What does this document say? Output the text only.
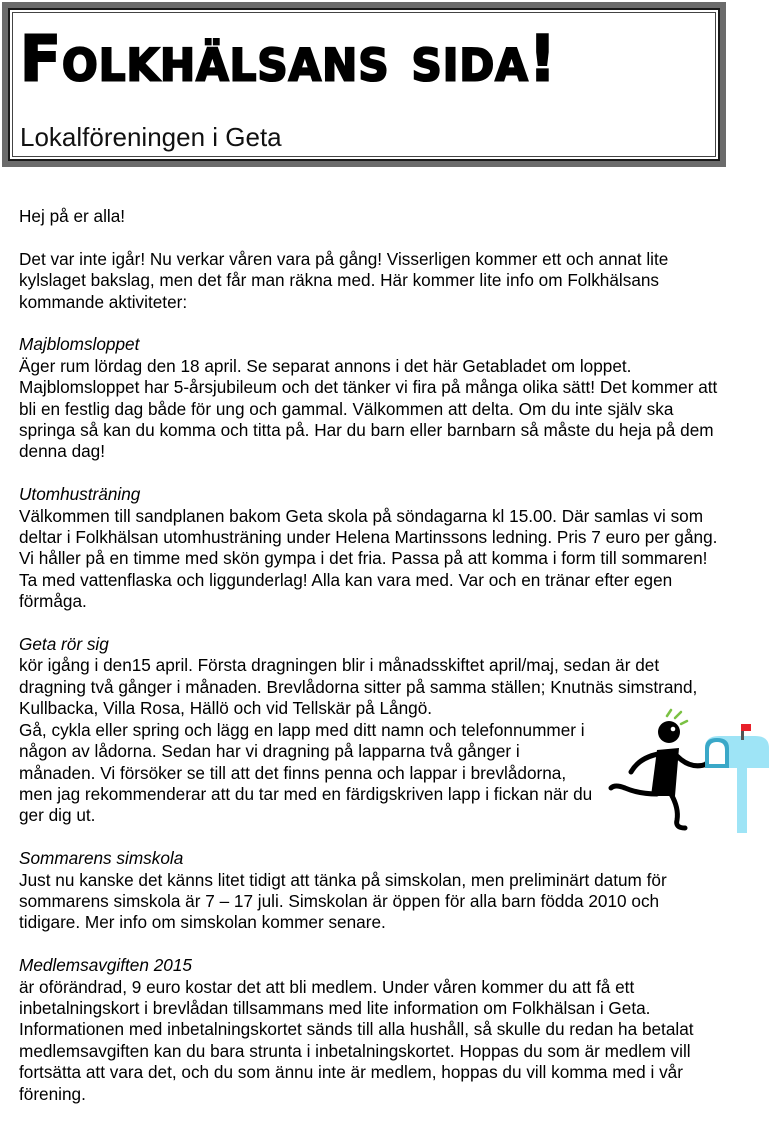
Folkhälsans sida!
Lokalföreningen i Geta

Hej på er alla!

Det var inte igår! Nu verkar våren vara på gång! Visserligen kommer ett och annat lite kylslaget bakslag, men det får man räkna med. Här kommer lite info om Folkhälsans kommande aktiviteter:

Majblomsloppet
Äger rum lördag den 18 april. Se separat annons i det här Getabladet om loppet. Majblomsloppet har 5-årsjubileum och det tänker vi fira på många olika sätt! Det kommer att bli en festlig dag både för ung och gammal. Välkommen att delta. Om du inte själv ska springa så kan du komma och titta på. Har du barn eller barnbarn så måste du heja på dem denna dag!
Utomhusträning
Välkommen till sandplanen bakom Geta skola på söndagarna kl 15.00. Där samlas vi som deltar i Folkhälsan utomhusträning under Helena Martinssons ledning. Pris 7 euro per gång. Vi håller på en timme med skön gympa i det fria. Passa på att komma i form till sommaren! Ta med vattenflaska och liggunderlag! Alla kan vara med. Var och en tränar efter egen förmåga.
Geta rör sig
kör igång i den15 april. Första dragningen blir i månadsskiftet april/maj, sedan är det dragning två gånger i månaden. Brevlådorna sitter på samma ställen; Knutnäs simstrand, Kullbacka, Villa Rosa, Hällö och vid Tellskär på Långö.
Gå, cykla eller spring och lägg en lapp med ditt namn och telefonnummer i någon av lådorna. Sedan har vi dragning på lapparna två gånger i månaden. Vi försöker se till att det finns penna och lappar i brevlådorna, men jag rekommenderar att du tar med en färdigskriven lapp i fickan när du ger dig ut.
Sommarens simskola
Just nu kanske det känns litet tidigt att tänka på simskolan, men preliminärt datum för sommarens simskola är 7 – 17 juli. Simskolan är öppen för alla barn födda 2010 och tidigare. Mer info om simskolan kommer senare.
Medlemsavgiften 2015
är oförändrad, 9 euro kostar det att bli medlem. Under våren kommer du att få ett inbetalningskort i brevlådan tillsammans med lite information om Folkhälsan i Geta. Informationen med inbetalningskortet sänds till alla hushåll, så skulle du redan ha betalat medlemsavgiften kan du bara strunta i inbetalningskortet. Hoppas du som är medlem vill fortsätta att vara det, och du som ännu inte är medlem, hoppas du vill komma med i vår förening.
